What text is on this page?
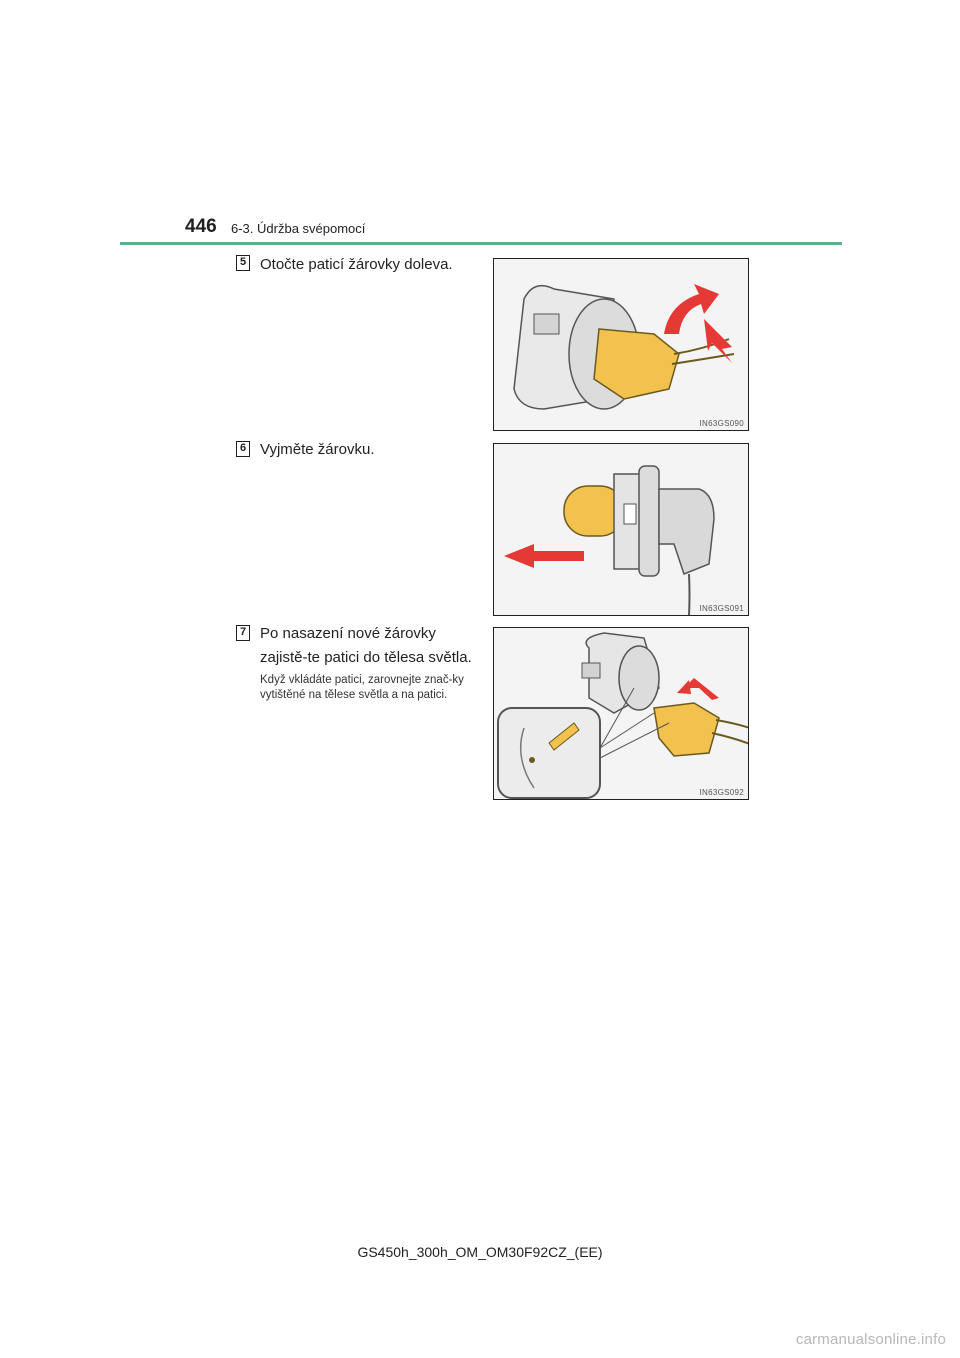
446 6-3. Údržba svépomocí
5 Otočte paticí žárovky doleva.
IN63GS090
6 Vyjměte žárovku.
IN63GS091
7 Po nasazení nové žárovky zajistě-te patici do tělesa světla.
Když vkládáte patici, zarovnejte znač-ky vytištěné na tělese světla a na patici.
IN63GS092
GS450h_300h_OM_OM30F92CZ_(EE)
carmanualsonline.info
